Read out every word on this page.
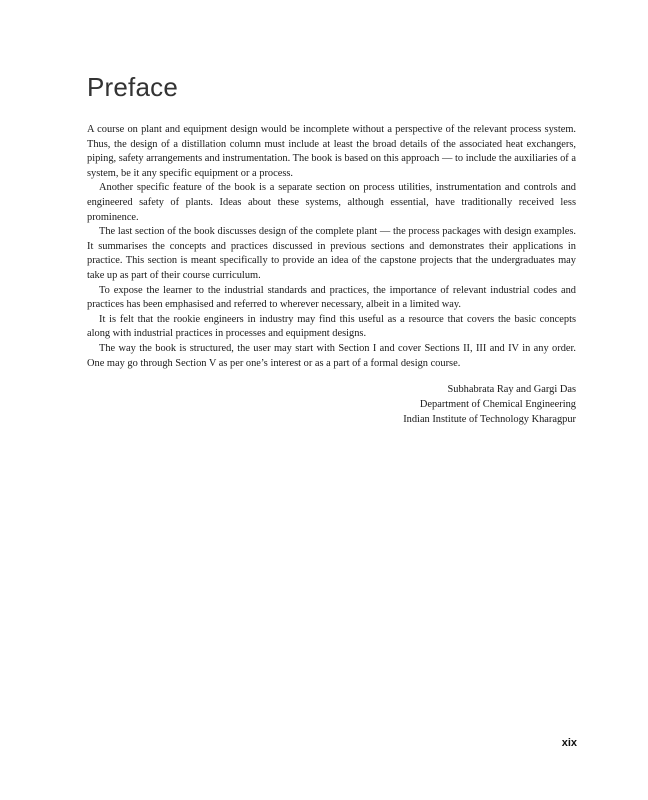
Preface

A course on plant and equipment design would be incomplete without a perspective of the relevant process system. Thus, the design of a distillation column must include at least the broad details of the associated heat exchangers, piping, safety arrangements and instrumentation. The book is based on this approach — to include the auxiliaries of a system, be it any specific equipment or a process.

Another specific feature of the book is a separate section on process utilities, instrumentation and controls and engineered safety of plants. Ideas about these systems, although essential, have traditionally received less prominence.

The last section of the book discusses design of the complete plant — the process packages with design examples. It summarises the concepts and practices discussed in previous sections and demonstrates their applications in practice. This section is meant specifically to provide an idea of the capstone projects that the undergraduates may take up as part of their course curriculum.

To expose the learner to the industrial standards and practices, the importance of relevant industrial codes and practices has been emphasised and referred to wherever necessary, albeit in a limited way.

It is felt that the rookie engineers in industry may find this useful as a resource that covers the basic concepts along with industrial practices in processes and equipment designs.

The way the book is structured, the user may start with Section I and cover Sections II, III and IV in any order. One may go through Section V as per one’s interest or as a part of a formal design course.

Subhabrata Ray and Gargi Das
Department of Chemical Engineering
Indian Institute of Technology Kharagpur
xix
